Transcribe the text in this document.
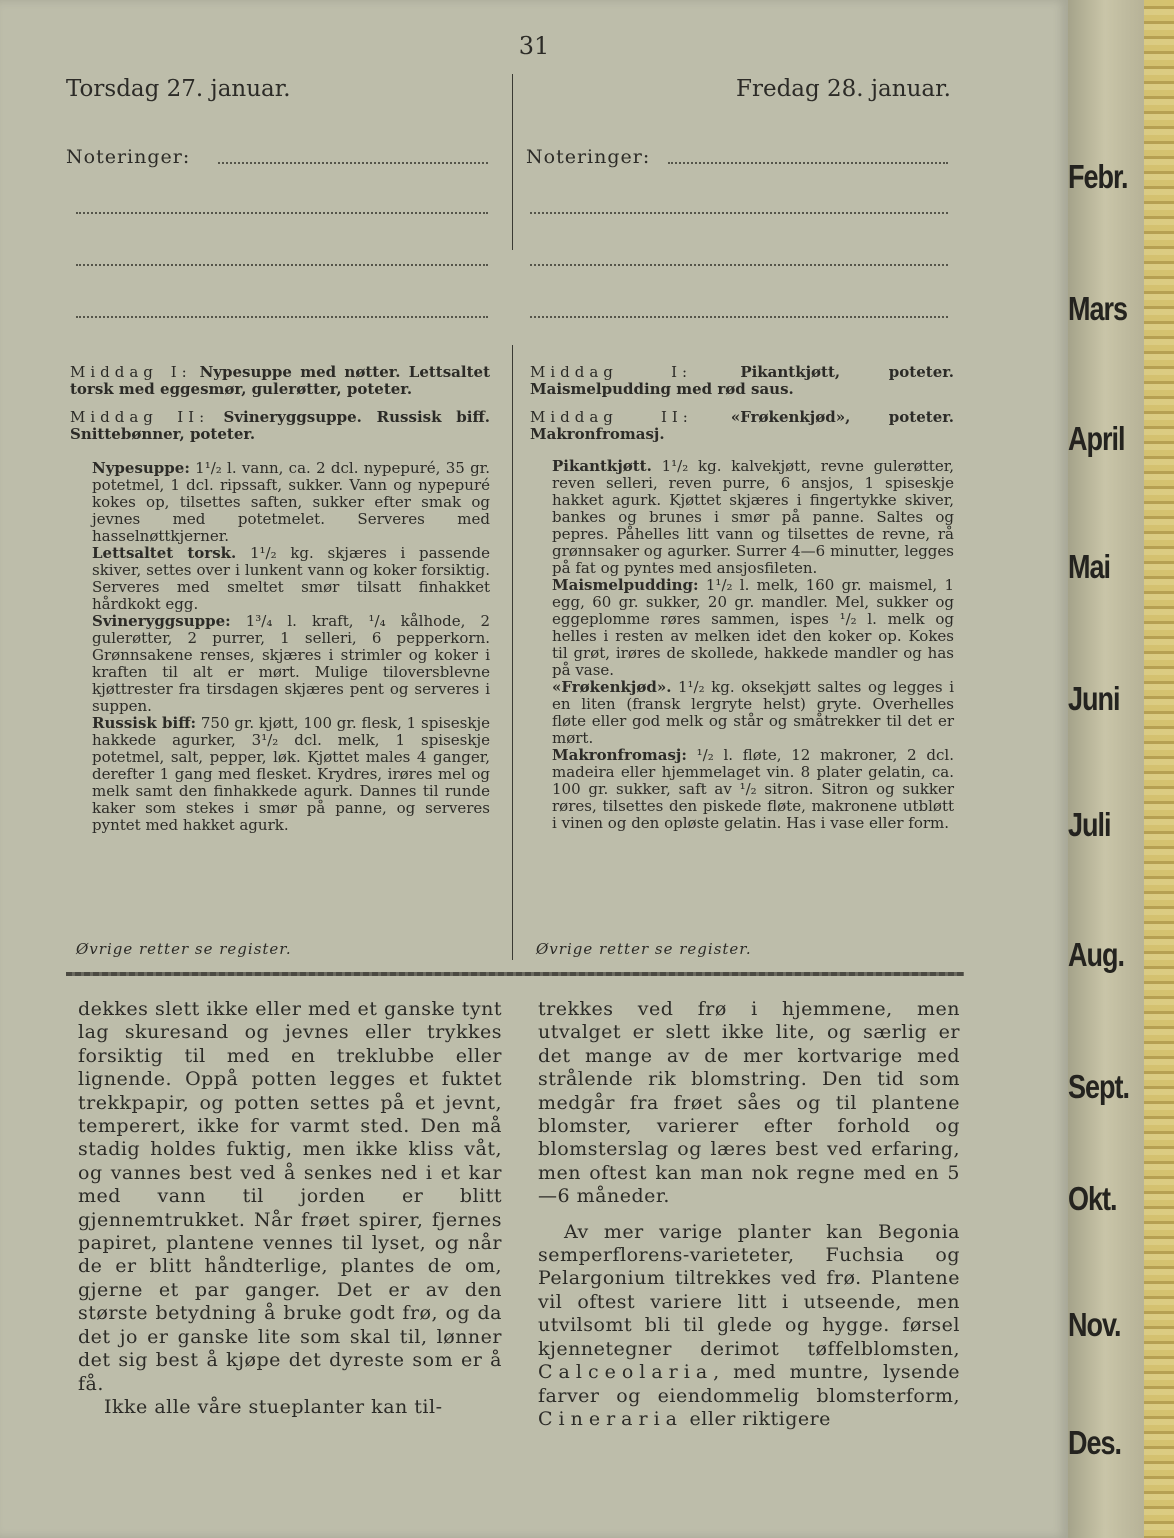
31
Torsdag 27. januar.	Fredag 28. januar.
Noteringer:	Noteringer:

Middag I: Nypesuppe med nøtter. Lettsaltet torsk med eggesmør, gulerøtter, poteter.

Middag II: Svineryggsuppe. Russisk biff. Snittebønner, poteter.

Nypesuppe: 1¹/₂ l. vann, ca. 2 dcl. nypepuré, 35 gr. potetmel, 1 dcl. ripssaft, sukker. Vann og nypepuré kokes op, tilsettes saften, sukker efter smak og jevnes med potetmelet. Serveres med hasselnøttkjerner.

Lettsaltet torsk. 1¹/₂ kg. skjæres i passende skiver, settes over i lunkent vann og koker forsiktig. Serveres med smeltet smør tilsatt finhakket hårdkokt egg.

Svineryggsuppe: 1³/₄ l. kraft, ¹/₄ kålhode, 2 gulerøtter, 2 purrer, 1 selleri, 6 pepperkorn. Grønnsakene renses, skjæres i strimler og koker i kraften til alt er mørt. Mulige tiloversblevne kjøttrester fra tirsdagen skjæres pent og serveres i suppen.

Russisk biff: 750 gr. kjøtt, 100 gr. flesk, 1 spiseskje hakkede agurker, 3¹/₂ dcl. melk, 1 spiseskje potetmel, salt, pepper, løk. Kjøttet males 4 ganger, derefter 1 gang med flesket. Krydres, irøres mel og melk samt den finhakkede agurk. Dannes til runde kaker som stekes i smør på panne, og serveres pyntet med hakket agurk.

Øvrige retter se register.

Middag I:	Pikantkjøtt, poteter. Maismelpudding med rød saus.

Middag II:	«Frøkenkjød», poteter. Makronfromasj.

Pikantkjøtt. 1¹/₂ kg. kalvekjøtt, revne gulerøtter, reven selleri, reven purre, 6 ansjos, 1 spiseskje hakket agurk. Kjøttet skjæres i fingertykke skiver, bankes og brunes i smør på panne. Saltes og pepres. Påhelles litt vann og tilsettes de revne, rå grønnsaker og agurker. Surrer 4—6 minutter, legges på fat og pyntes med ansjosfileten.

Maismelpudding: 1¹/₂ l. melk, 160 gr. maismel, 1 egg, 60 gr. sukker, 20 gr. mandler. Mel, sukker og eggeplomme røres sammen, ispes ¹/₂ l. melk og helles i resten av melken idet den koker op. Kokes til grøt, irøres de skollede, hakkede mandler og has på vase.

«Frøkenkjød». 1¹/₂ kg. oksekjøtt saltes og legges i en liten (fransk lergryte helst) gryte. Overhelles fløte eller god melk og står og småtrekker til det er mørt.

Makronfromasj: ¹/₂ l. fløte, 12 makroner, 2 dcl. madeira eller hjemmelaget vin. 8 plater gelatin, ca. 100 gr. sukker, saft av ¹/₂ sitron. Sitron og sukker røres, tilsettes den piskede fløte, makronene utbløtt i vinen og den opløste gelatin. Has i vase eller form.

Øvrige retter se register.

dekkes slett ikke eller med et ganske tynt lag skuresand og jevnes eller trykkes forsiktig til med en treklubbe eller lignende. Oppå potten legges et fuktet trekkpapir, og potten settes på et jevnt, temperert, ikke for varmt sted. Den må stadig holdes fuktig, men ikke kliss våt, og vannes best ved å senkes ned i et kar med vann til jorden er blitt gjennemtrukket. Når frøet spirer, fjernes papiret, plantene vennes til lyset, og når de er blitt håndterlige, plantes de om, gjerne et par ganger. Det er av den største betydning å bruke godt frø, og da det jo er ganske lite som skal til, lønner det sig best å kjøpe det dyreste som er å få.

Ikke alle våre stueplanter kan til-

trekkes ved frø i hjemmene, men utvalget er slett ikke lite, og særlig er det mange av de mer kortvarige med strålende rik blomstring. Den tid som medgår fra frøet såes og til plantene blomster, varierer efter forhold og blomsterslag og læres best ved erfaring, men oftest kan man nok regne med en 5—6 måneder.

Av mer varige planter kan Begonia semperflorens-varieteter, Fuchsia og Pelargonium tiltrekkes ved frø. Plantene vil oftest variere litt i utseende, men utvilsomt bli til glede og hygge. førsel kjennetegner derimot tøffelblomsten, Calceolaria, med muntre, lysende farver og eiendommelig blomsterform, Cineraria eller riktigere

Febr.
Mars
April
Mai
Juni
Juli
Aug.
Sept.
Okt.
Nov.
Des.
